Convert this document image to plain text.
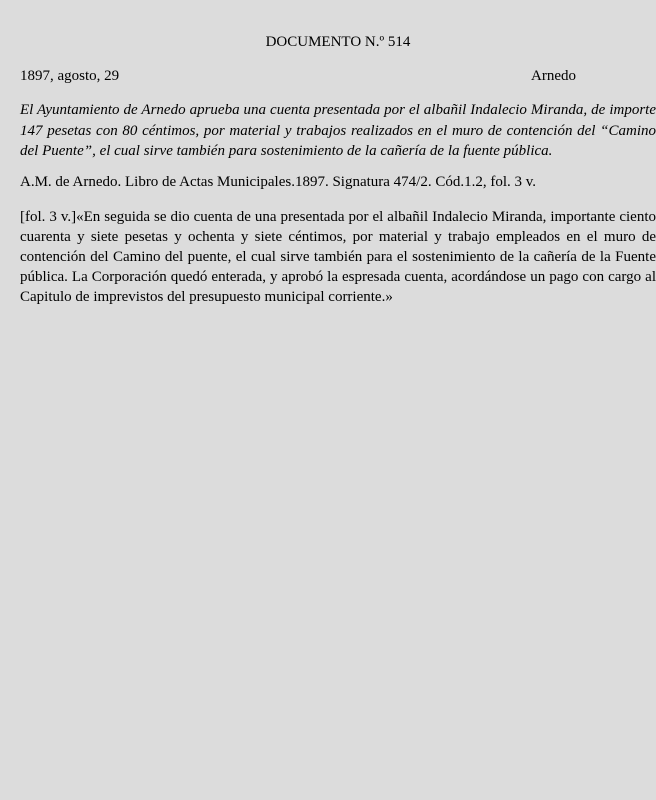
DOCUMENTO N.º 514
1897, agosto, 29	Arnedo
El Ayuntamiento de Arnedo aprueba una cuenta presentada por el albañil Indalecio Miranda, de importe 147 pesetas con 80 céntimos, por material y trabajos realizados en el muro de contención del “Camino del Puente”, el cual sirve también para sostenimiento de la cañería de la fuente pública.
A.M. de Arnedo. Libro de Actas Municipales.1897. Signatura 474/2. Cód.1.2, fol. 3 v.
[fol. 3 v.]«En seguida se dio cuenta de una presentada por el albañil Indalecio Miranda, importante ciento cuarenta y siete pesetas y ochenta y siete céntimos, por material y trabajo empleados en el muro de contención del Camino del puente, el cual sirve también para el sostenimiento de la cañería de la Fuente pública. La Corporación quedó enterada, y aprobó la espresada cuenta, acordándose un pago con cargo al Capitulo de imprevistos del presupuesto municipal corriente.»
